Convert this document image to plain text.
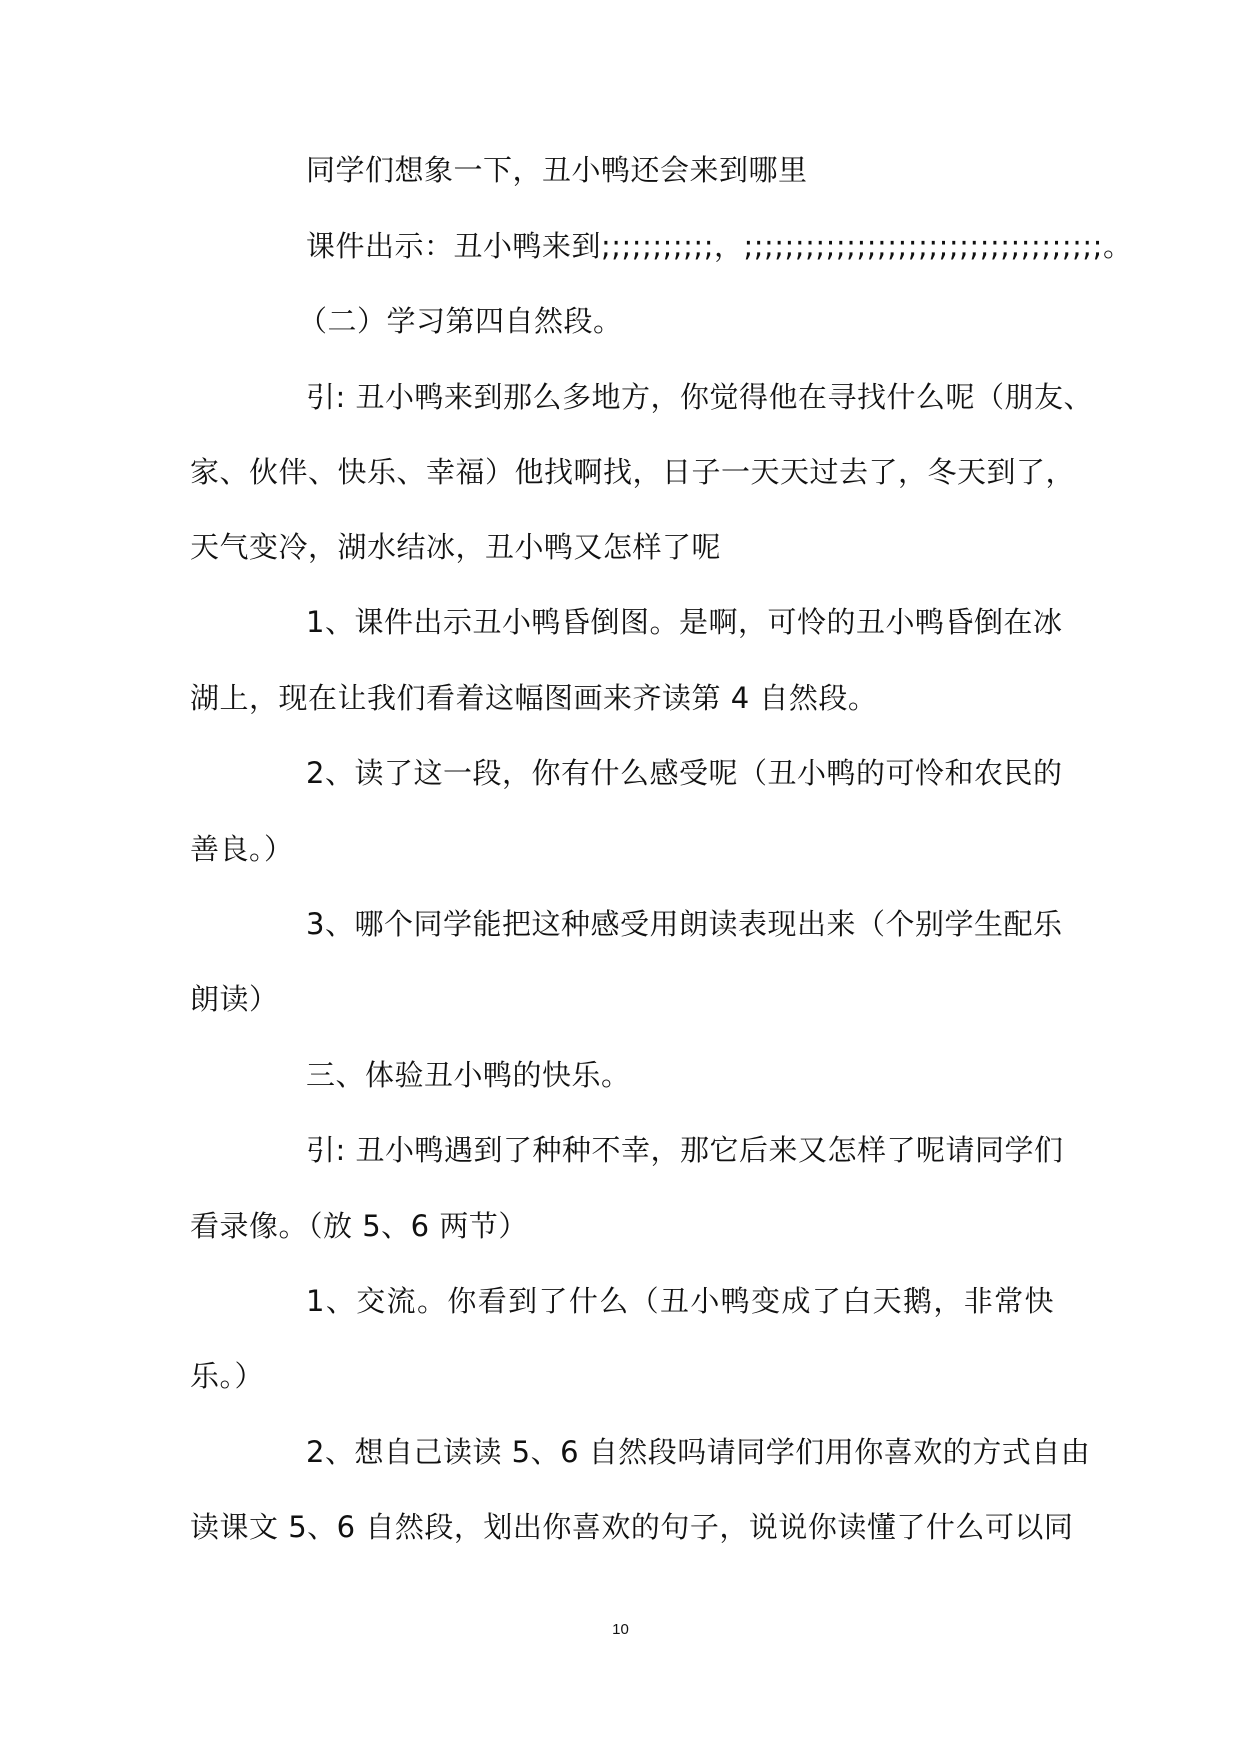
同学们想象一下，丑小鸭还会来到哪里
课件出示：丑小鸭来到;;;;;;;;;;;，;;;;;;;;;;;;;;;;;;;;;;;;;;;;;;;;;;;。
（二）学习第四自然段。
引: 丑小鸭来到那么多地方，你觉得他在寻找什么呢（朋友、
家、伙伴、快乐、幸福）他找啊找，日子一天天过去了，冬天到了，
天气变冷，湖水结冰，丑小鸭又怎样了呢
1、课件出示丑小鸭昏倒图。是啊，可怜的丑小鸭昏倒在冰
湖上，现在让我们看着这幅图画来齐读第 4 自然段。
2、读了这一段，你有什么感受呢（丑小鸭的可怜和农民的
善良。）
3、哪个同学能把这种感受用朗读表现出来（个别学生配乐
朗读）
三、体验丑小鸭的快乐。
引: 丑小鸭遇到了种种不幸，那它后来又怎样了呢请同学们
看录像。（放 5、6 两节）
1、交流。你看到了什么（丑小鸭变成了白天鹅，非常快
乐。）
2、想自己读读 5、6 自然段吗请同学们用你喜欢的方式自由
读课文 5、6 自然段，划出你喜欢的句子，说说你读懂了什么可以同
10
